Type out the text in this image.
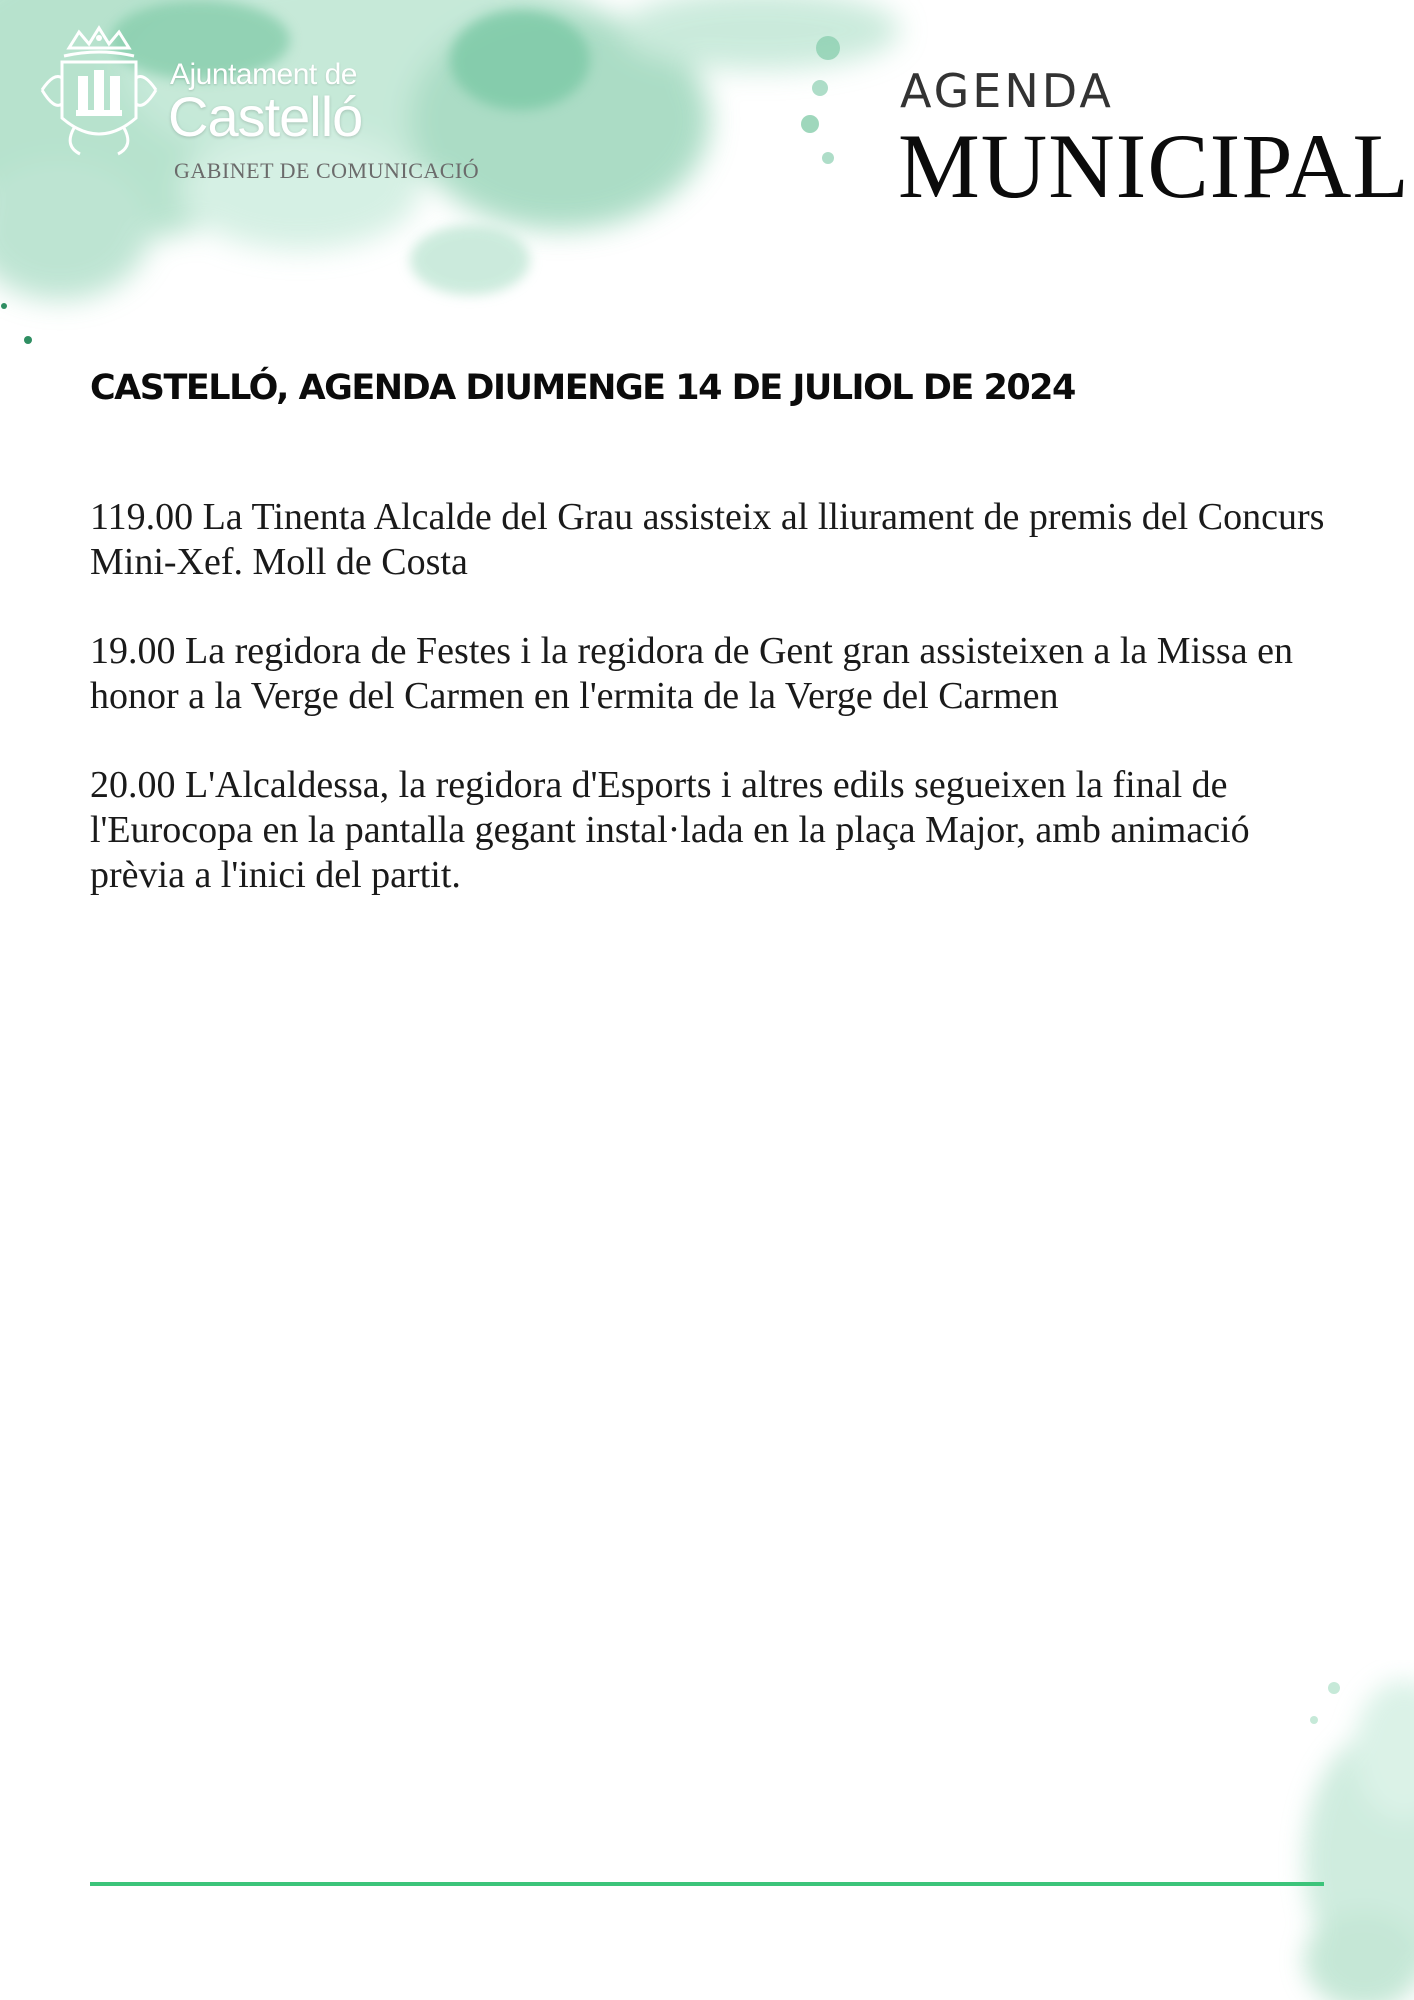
Ajuntament de

Castelló

GABINET DE COMUNICACIÓ

AGENDA

MUNICIPAL

CASTELLÓ, AGENDA DIUMENGE 14 DE JULIOL DE 2024
119.00 La Tinenta Alcalde del Grau assisteix al lliurament de premis del Concurs Mini-Xef. Moll de Costa
19.00 La regidora de Festes i la regidora de Gent gran assisteixen a la Missa en honor a la Verge del Carmen en l'ermita de la Verge del Carmen
20.00 L'Alcaldessa, la regidora d'Esports i altres edils segueixen la final de l'Eurocopa en la pantalla gegant instal·lada en la plaça Major, amb animació prèvia a l'inici del partit.
